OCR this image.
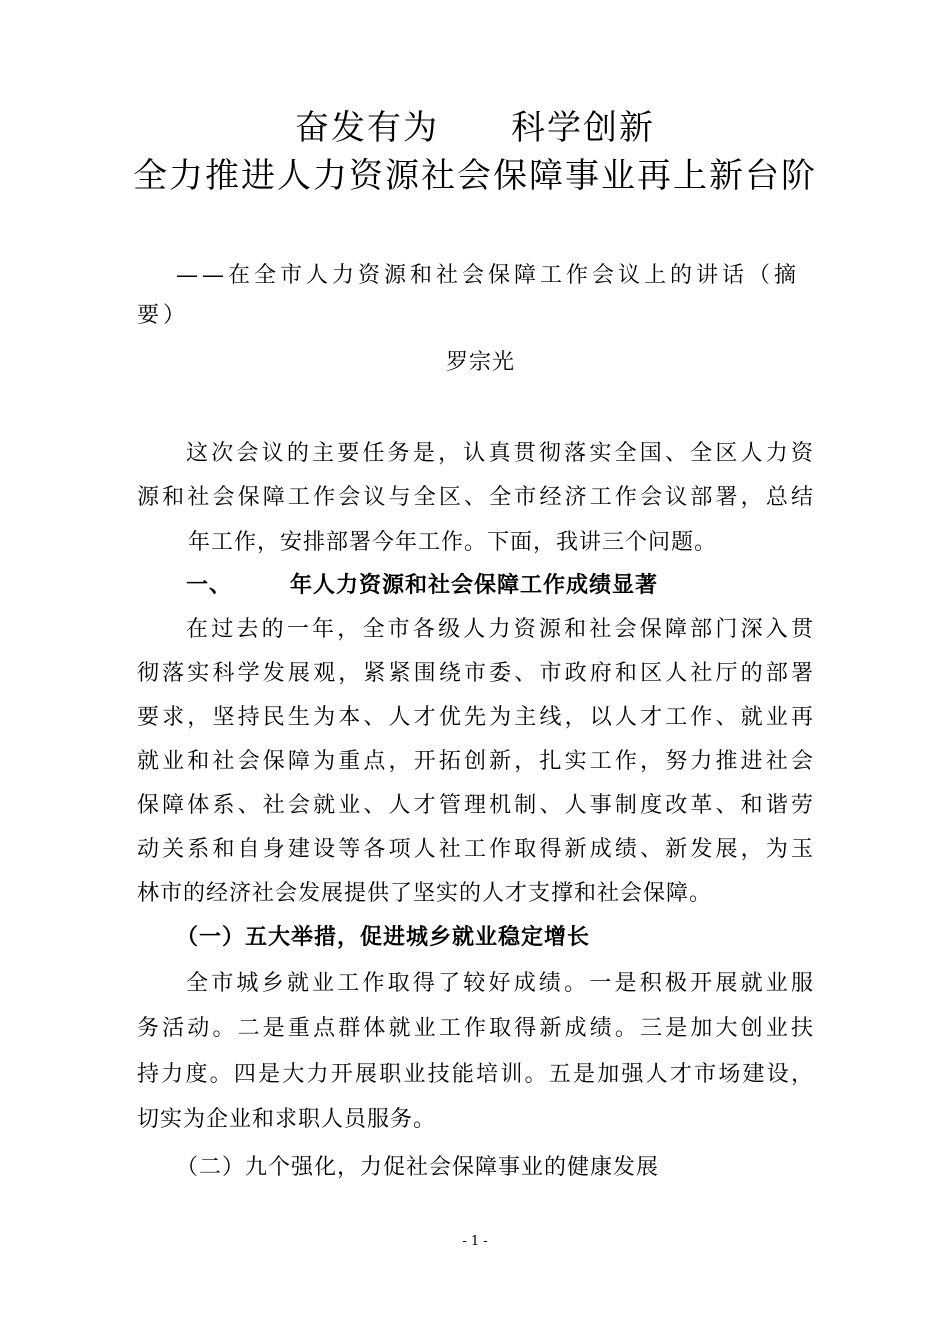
奋发有为　　科学创新
全力推进人力资源社会保障事业再上新台阶
——在全市人力资源和社会保障工作会议上的讲话（摘
要）
罗宗光
这次会议的主要任务是，认真贯彻落实全国、全区人力资
源和社会保障工作会议与全区、全市经济工作会议部署，总结
　年工作，安排部署今年工作。下面，我讲三个问题。
一、　　　年人力资源和社会保障工作成绩显著
在过去的一年，全市各级人力资源和社会保障部门深入贯
彻落实科学发展观，紧紧围绕市委、市政府和区人社厅的部署
要求，坚持民生为本、人才优先为主线，以人才工作、就业再
就业和社会保障为重点，开拓创新，扎实工作，努力推进社会
保障体系、社会就业、人才管理机制、人事制度改革、和谐劳
动关系和自身建设等各项人社工作取得新成绩、新发展，为玉
林市的经济社会发展提供了坚实的人才支撑和社会保障。
（一）五大举措，促进城乡就业稳定增长
全市城乡就业工作取得了较好成绩。一是积极开展就业服
务活动。二是重点群体就业工作取得新成绩。三是加大创业扶
持力度。四是大力开展职业技能培训。五是加强人才市场建设，
切实为企业和求职人员服务。
（二）九个强化，力促社会保障事业的健康发展
- 1 -
